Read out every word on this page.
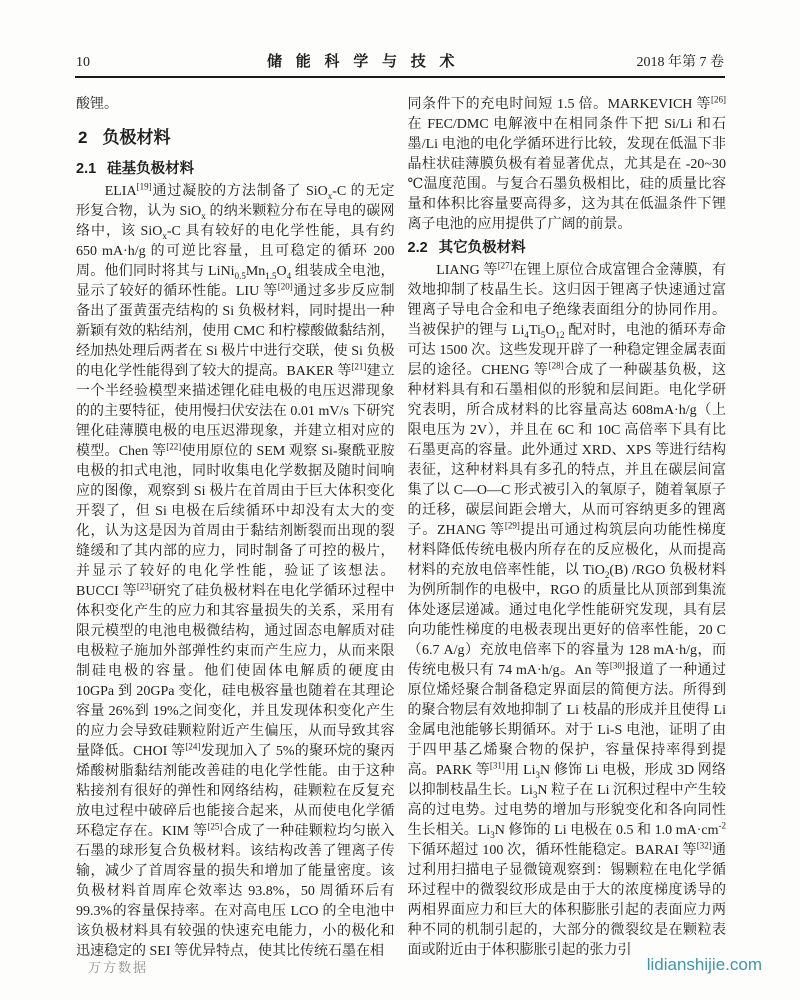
10	储 能 科 学 与 技 术	2018 年第 7 卷
酸锂。
2 负极材料
2.1 硅基负极材料
ELIA[19]通过凝胶的方法制备了 SiO$_x$-C 的无定形复合物，认为 SiO$_x$ 的纳米颗粒分布在导电的碳网络中，该 SiO$_x$-C 具有较好的电化学性能，具有约 650 mA·h/g 的可逆比容量，且可稳定的循环 200 周。他们同时将其与 $LiNi_{0.5}Mn_{1.5}O_4$ 组装成全电池，显示了较好的循环性能。LIU 等[20]通过多步反应制备出了蛋黄蛋壳结构的 Si 负极材料，同时提出一种新颖有效的粘结剂，使用 CMC 和柠檬酸做黏结剂，经加热处理后两者在 Si 极片中进行交联，使 Si 负极的电化学性能得到了较大的提高。BAKER 等[21]建立一个半经验模型来描述锂化硅电极的电压迟滞现象的的主要特征，使用慢扫伏安法在 0.01 mV/s 下研究锂化硅薄膜电极的电压迟滞现象，并建立相对应的模型。Chen 等[22]使用原位的 SEM 观察 Si-聚酰亚胺电极的扣式电池，同时收集电化学数据及随时间响应的图像，观察到 Si 极片在首周由于巨大体积变化开裂了，但 Si 电极在后续循环中却没有太大的变化，认为这是因为首周由于黏结剂断裂而出现的裂缝缓和了其内部的应力，同时制备了可控的极片，并显示了较好的电化学性能，验证了该想法。BUCCI 等[23]研究了硅负极材料在电化学循环过程中体积变化产生的应力和其容量损失的关系，采用有限元模型的电池电极微结构，通过固态电解质对硅电极粒子施加外部弹性约束而产生应力，从而来限制硅电极的容量。他们使固体电解质的硬度由 10GPa 到 20GPa 变化，硅电极容量也随着在其理论容量 26%到 19%之间变化，并且发现体积变化产生的应力会导致硅颗粒附近产生偏压，从而导致其容量降低。CHOI 等[24]发现加入了 5%的聚环烷的聚丙烯酸树脂黏结剂能改善硅的电化学性能。由于这种粘接剂有很好的弹性和网络结构，硅颗粒在反复充放电过程中破碎后也能接合起来，从而使电化学循环稳定存在。KIM 等[25]合成了一种硅颗粒均匀嵌入石墨的球形复合负极材料。该结构改善了锂离子传输，减少了首周容量的损失和增加了能量密度。该负极材料首周库仑效率达 93.8%，50 周循环后有 99.3%的容量保持率。在对高电压 LCO 的全电池中该负极材料具有较强的快速充电能力，小的极化和迅速稳定的 SEI 等优异特点，使其比传统石墨在相
同条件下的充电时间短 1.5 倍。MARKEVICH 等[26]在 FEC/DMC 电解液中在相同条件下把 Si/Li 和石墨/Li 电池的电化学循环进行比较，发现在低温下非晶柱状硅薄膜负极有着显著优点，尤其是在 -20~30 ℃温度范围。与复合石墨负极相比，硅的质量比容量和体积比容量要高得多，这为其在低温条件下锂离子电池的应用提供了广阔的前景。
2.2 其它负极材料
LIANG 等[27]在锂上原位合成富锂合金薄膜，有效地抑制了枝晶生长。这归因于锂离子快速通过富锂离子导电合金和电子绝缘表面组分的协同作用。当被保护的锂与 $Li_4Ti_5O_{12}$ 配对时，电池的循环寿命可达 1500 次。这些发现开辟了一种稳定锂金属表面层的途径。CHENG 等[28]合成了一种碳基负极，这种材料具有和石墨相似的形貌和层间距。电化学研究表明，所合成材料的比容量高达 608mA·h/g（上限电压为 2V），并且在 6C 和 10C 高倍率下具有比石墨更高的容量。此外通过 XRD、XPS 等进行结构表征，这种材料具有多孔的特点，并且在碳层间富集了以 C—O—C 形式被引入的氧原子，随着氧原子的迁移，碳层间距会增大，从而可容纳更多的锂离子。ZHANG 等[29]提出可通过构筑层向功能性梯度材料降低传统电极内所存在的反应极化，从而提高材料的充放电倍率性能，以 TiO$_2$(B) /RGO 负极材料为例所制作的电极中，RGO 的质量比从顶部到集流体处逐层递减。通过电化学性能研究发现，具有层向功能性梯度的电极表现出更好的倍率性能，20 C（6.7 A/g）充放电倍率下的容量为 128 mA·h/g，而传统电极只有 74 mA·h/g。An 等[30]报道了一种通过原位烯烃聚合制备稳定界面层的简便方法。所得到的聚合物层有效地抑制了 Li 枝晶的形成并且使得 Li 金属电池能够长期循环。对于 Li-S 电池，证明了由于四甲基乙烯聚合物的保护，容量保持率得到提高。PARK 等[31]用 $Li_3N$ 修饰 Li 电极，形成 3D 网络以抑制枝晶生长。$Li_3N$ 粒子在 Li 沉积过程中产生较高的过电势。过电势的增加与形貌变化和各向同性生长相关。$Li_3N$ 修饰的 Li 电极在 0.5 和 1.0 $mA\cdot cm^{-2}$ 下循环超过 100 次，循环性能稳定。BARAI 等[32]通过利用扫描电子显微镜观察到：锡颗粒在电化学循环过程中的微裂纹形成是由于大的浓度梯度诱导的两相界面应力和巨大的体积膨胀引起的表面应力两种不同的机制引起的，大部分的微裂纹是在颗粒表面或附近由于体积膨胀引起的张力引
万方数据	lidianshijie.com
